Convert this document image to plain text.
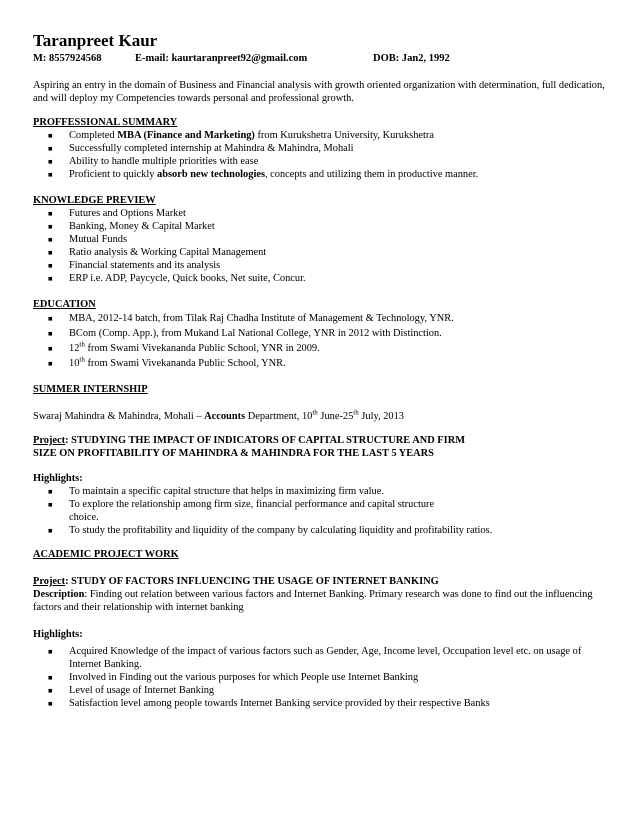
Taranpreet Kaur
M: 8557924568	E-mail: kaurtaranpreet92@gmail.com	DOB: Jan2, 1992
Aspiring an entry in the domain of Business and Financial analysis with growth oriented organization with determination, full dedication, and will deploy my Competencies towards personal and professional growth.
PROFFESSIONAL SUMMARY
■ Completed MBA (Finance and Marketing) from Kurukshetra University, Kurukshetra
■ Successfully completed internship at Mahindra & Mahindra, Mohali
■ Ability to handle multiple priorities with ease
■ Proficient to quickly absorb new technologies, concepts and utilizing them in productive manner.
KNOWLEDGE PREVIEW
■ Futures and Options Market
■ Banking, Money & Capital Market
■ Mutual Funds
■ Ratio analysis & Working Capital Management
■ Financial statements and its analysis
■ ERP i.e. ADP, Paycycle, Quick books, Net suite, Concur.
EDUCATION
■ MBA, 2012-14 batch, from Tilak Raj Chadha Institute of Management & Technology, YNR.
■ BCom (Comp. App.), from Mukand Lal National College, YNR in 2012 with Distinction.
■ 12th from Swami Vivekananda Public School, YNR in 2009.
■ 10th from Swami Vivekananda Public School, YNR.
SUMMER INTERNSHIP
Swaraj Mahindra & Mahindra, Mohali – Accounts Department, 10th June-25th July, 2013
Project: STUDYING THE IMPACT OF INDICATORS OF CAPITAL STRUCTURE AND FIRM SIZE ON PROFITABILITY OF MAHINDRA & MAHINDRA FOR THE LAST 5 YEARS
Highlights:
■ To maintain a specific capital structure that helps in maximizing firm value.
■ To explore the relationship among firm size, financial performance and capital structure choice.
■ To study the profitability and liquidity of the company by calculating liquidity and profitability ratios.
ACADEMIC PROJECT WORK
Project: STUDY OF FACTORS INFLUENCING THE USAGE OF INTERNET BANKING
Description: Finding out relation between various factors and Internet Banking. Primary research was done to find out the influencing factors and their relationship with internet banking
Highlights:
■ Acquired Knowledge of the impact of various factors such as Gender, Age, Income level, Occupation level etc. on usage of Internet Banking.
■ Involved in Finding out the various purposes for which People use Internet Banking
■ Level of usage of Internet Banking
■ Satisfaction level among people towards Internet Banking service provided by their respective Banks
